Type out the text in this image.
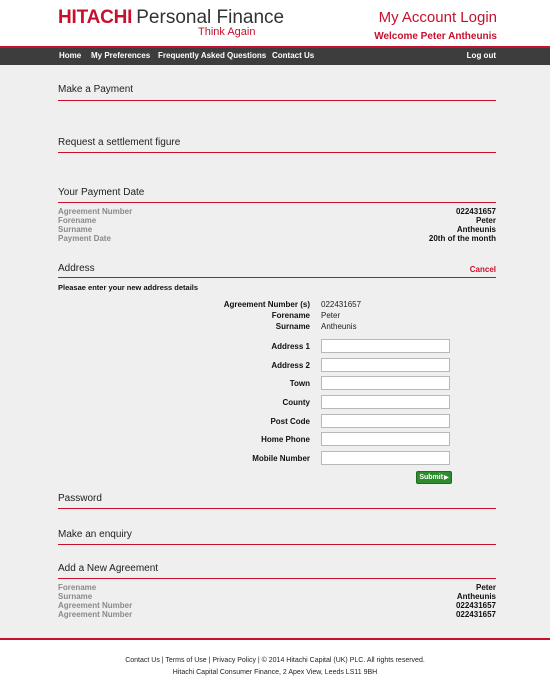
HITACHI Personal Finance
Think Again
My Account Login
Welcome Peter Antheunis
Home My Preferences Frequently Asked Questions Contact Us	Log out
Make a Payment
Request a settlement figure
Your Payment Date
Agreement Number	022431657
Forename	Peter
Surname	Antheunis
Payment Date	20th of the month
Address	Cancel
Pleasae enter your new address details
Agreement Number (s) 022431657
Forename Peter
Surname Antheunis
Address 1
Address 2
Town
County
Post Code
Home Phone
Mobile Number
Submit▶
Password
Make an enquiry
Add a New Agreement
Forename	Peter
Surname	Antheunis
Agreement Number	022431657
Agreement Number	022431657
Contact Us | Terms of Use | Privacy Policy | © 2014 Hitachi Capital (UK) PLC. All rights reserved.
Hitachi Capital Consumer Finance, 2 Apex View, Leeds LS11 9BH
